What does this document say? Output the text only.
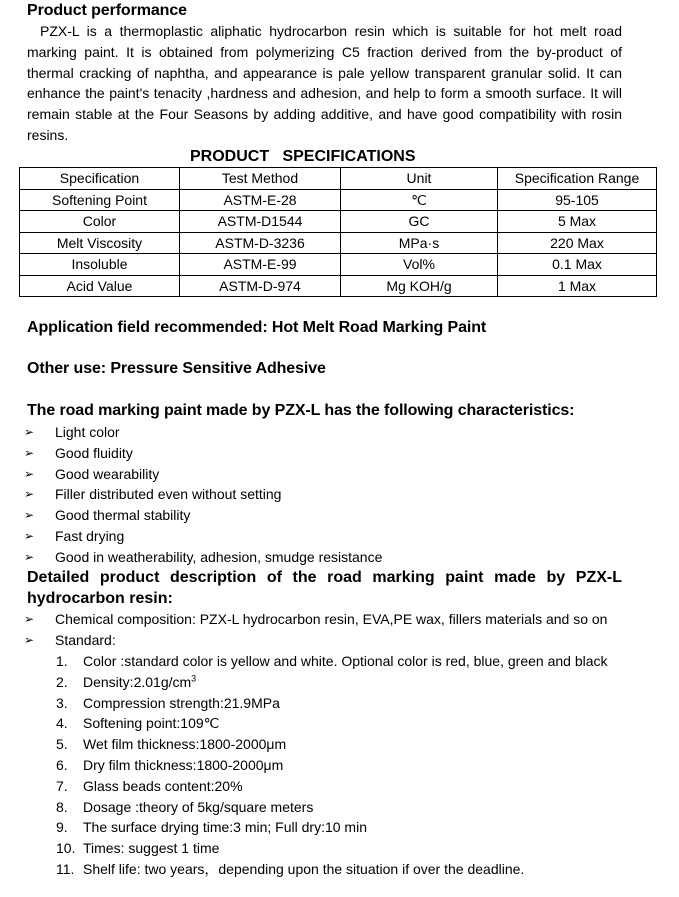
Product performance
PZX-L is a thermoplastic aliphatic hydrocarbon resin which is suitable for hot melt road marking paint. It is obtained from polymerizing C5 fraction derived from the by-product of thermal cracking of naphtha, and appearance is pale yellow transparent granular solid. It can enhance the paint's tenacity ,hardness and adhesion, and help to form a smooth surface. It will remain stable at the Four Seasons by adding additive, and have good compatibility with rosin resins.
PRODUCT   SPECIFICATIONS
Specification	Test Method	Unit	Specification Range
Softening Point	ASTM-E-28	℃	95-105
Color	ASTM-D1544	GC	5 Max
Melt Viscosity	ASTM-D-3236	MPa·s	220 Max
Insoluble	ASTM-E-99	Vol%	0.1 Max
Acid Value	ASTM-D-974	Mg KOH/g	1 Max
Application field recommended: Hot Melt Road Marking Paint
Other use: Pressure Sensitive Adhesive
The road marking paint made by PZX-L has the following characteristics:
➢	Light color
➢	Good fluidity
➢	Good wearability
➢	Filler distributed even without setting
➢	Good thermal stability
➢	Fast drying
➢	Good in weatherability, adhesion, smudge resistance
Detailed product description of the road marking paint made by PZX-L hydrocarbon resin:
➢	Chemical composition: PZX-L hydrocarbon resin, EVA,PE wax, fillers materials and so on
➢	Standard:
1. Color :standard color is yellow and white. Optional color is red, blue, green and black
2. $Density:2.01g/cm^3$
3. Compression strength:21.9MPa
4. Softening point:109℃
5. Wet film thickness:1800-2000μm
6. Dry film thickness:1800-2000μm
7. Glass beads content:20%
8. Dosage :theory of 5kg/square meters
9. The surface drying time:3 min; Full dry:10 min
10. Times: suggest 1 time
11. Shelf life: two years，depending upon the situation if over the deadline.
